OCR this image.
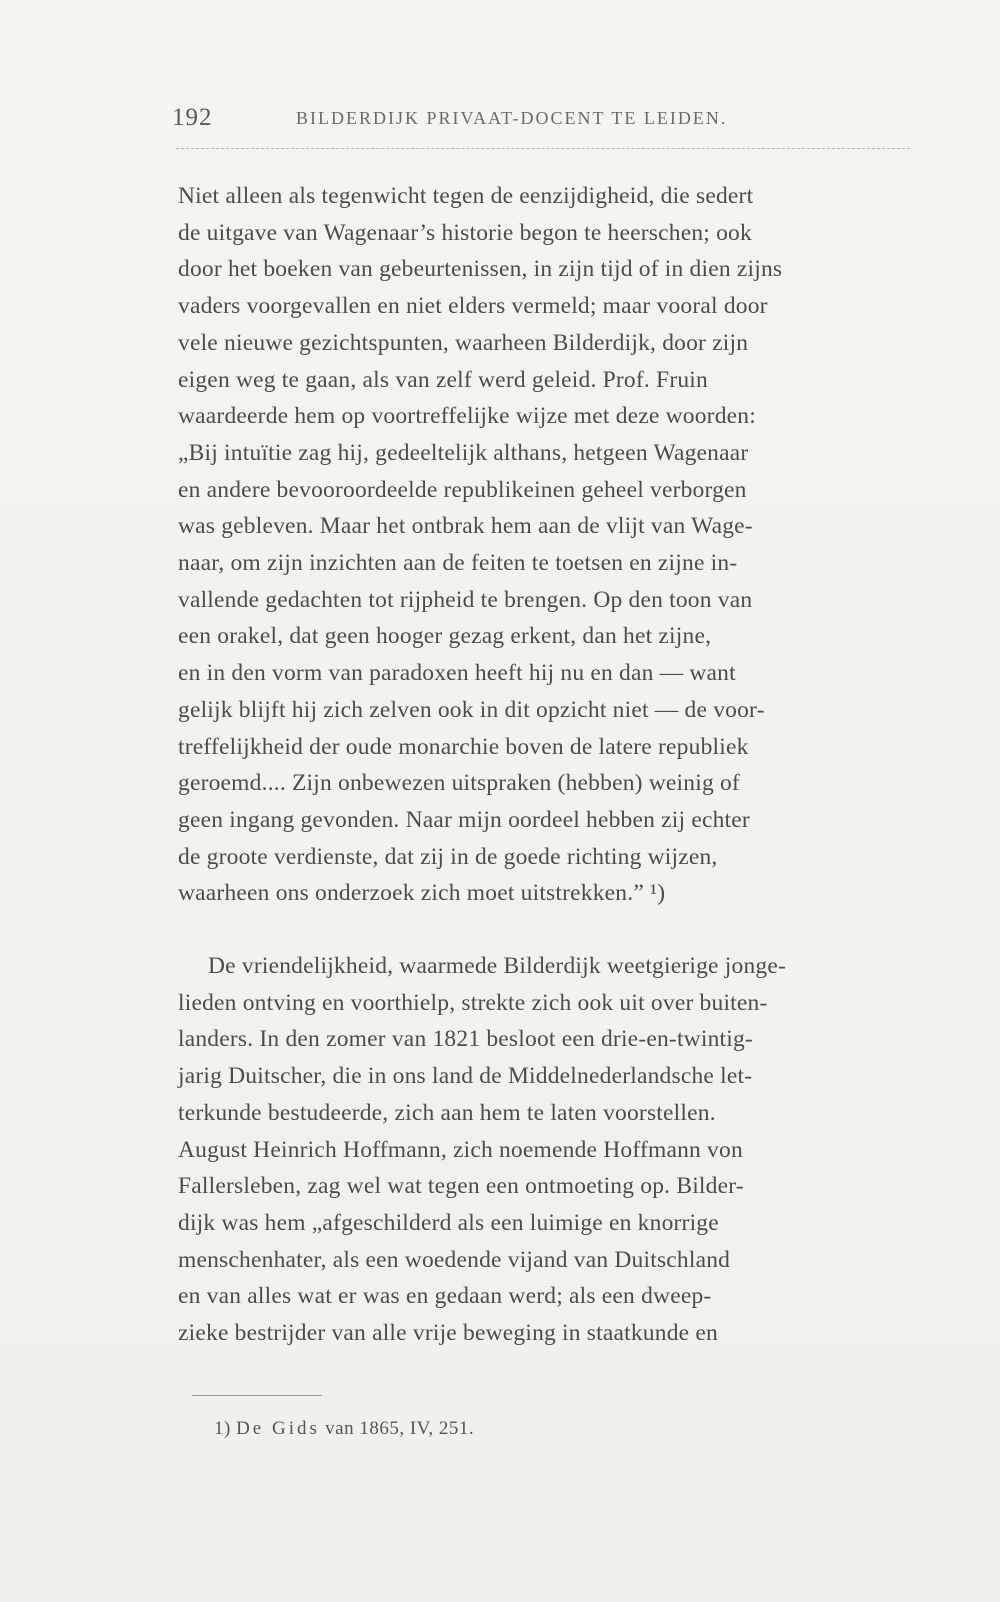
192	BILDERDIJK PRIVAAT-DOCENT TE LEIDEN.

Niet alleen als tegenwicht tegen de eenzijdigheid, die sedert
de uitgave van Wagenaar’s historie begon te heerschen; ook
door het boeken van gebeurtenissen, in zijn tijd of in dien zijns
vaders voorgevallen en niet elders vermeld; maar vooral door
vele nieuwe gezichtspunten, waarheen Bilderdijk, door zijn
eigen weg te gaan, als van zelf werd geleid. Prof. Fruin
waardeerde hem op voortreffelijke wijze met deze woorden:
„Bij intuïtie zag hij, gedeeltelijk althans, hetgeen Wagenaar
en andere bevooroordeelde republikeinen geheel verborgen
was gebleven. Maar het ontbrak hem aan de vlijt van Wage-
naar, om zijn inzichten aan de feiten te toetsen en zijne in-
vallende gedachten tot rijpheid te brengen. Op den toon van
een orakel, dat geen hooger gezag erkent, dan het zijne,
en in den vorm van paradoxen heeft hij nu en dan — want
gelijk blijft hij zich zelven ook in dit opzicht niet — de voor-
treffelijkheid der oude monarchie boven de latere republiek
geroemd.... Zijn onbewezen uitspraken (hebben) weinig of
geen ingang gevonden. Naar mijn oordeel hebben zij echter
de groote verdienste, dat zij in de goede richting wijzen,
waarheen ons onderzoek zich moet uitstrekken.” ¹)

De vriendelijkheid, waarmede Bilderdijk weetgierige jonge-
lieden ontving en voorthielp, strekte zich ook uit over buiten-
landers. In den zomer van 1821 besloot een drie-en-twintig-
jarig Duitscher, die in ons land de Middelnederlandsche let-
terkunde bestudeerde, zich aan hem te laten voorstellen.
August Heinrich Hoffmann, zich noemende Hoffmann von
Fallersleben, zag wel wat tegen een ontmoeting op. Bilder-
dijk was hem „afgeschilderd als een luimige en knorrige
menschenhater, als een woedende vijand van Duitschland
en van alles wat er was en gedaan werd; als een dweep-
zieke bestrijder van alle vrije beweging in staatkunde en

1) De Gids van 1865, IV, 251.
